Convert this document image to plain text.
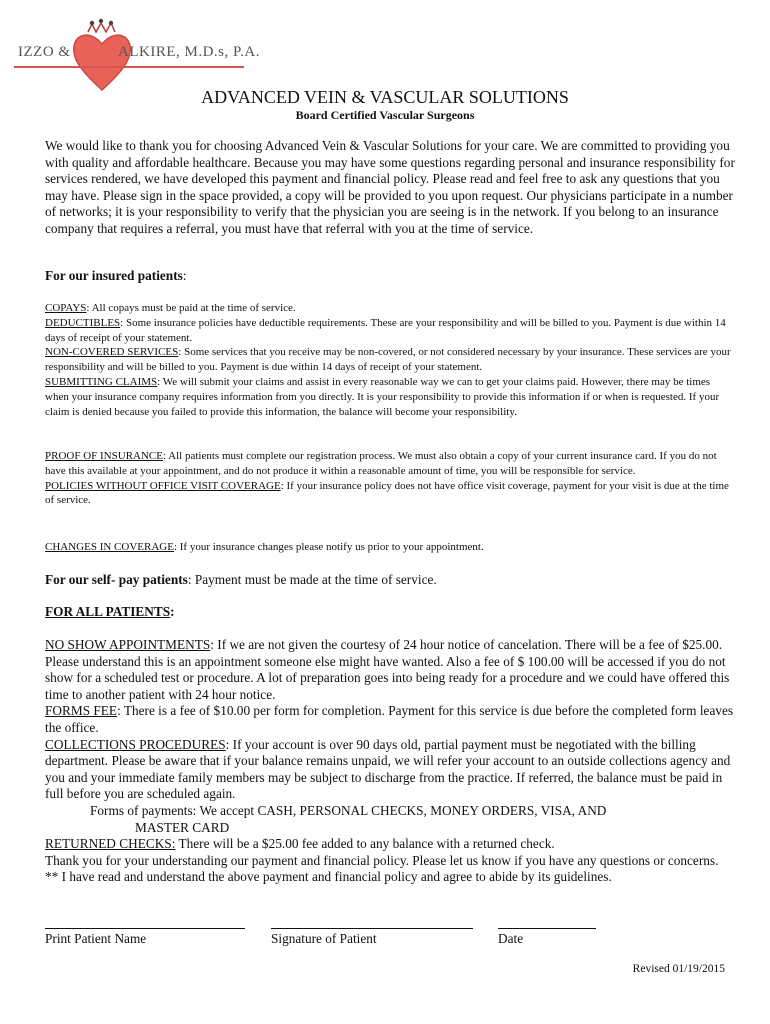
IZZO &	ALKIRE, M.D.s, P.A.
ADVANCED VEIN & VASCULAR SOLUTIONS
Board Certified Vascular Surgeons

We would like to thank you for choosing Advanced Vein & Vascular Solutions for your care. We are committed to providing you with quality and affordable healthcare. Because you may have some questions regarding personal and insurance responsibility for services rendered, we have developed this payment and financial policy. Please read and feel free to ask any questions that you may have. Please sign in the space provided, a copy will be provided to you upon request. Our physicians participate in a number of networks; it is your responsibility to verify that the physician you are seeing is in the network. If you belong to an insurance company that requires a referral, you must have that referral with you at the time of service.

For our insured patients:

COPAYS: All copays must be paid at the time of service.
DEDUCTIBLES: Some insurance policies have deductible requirements. These are your responsibility and will be billed to you. Payment is due within 14 days of receipt of your statement.
NON-COVERED SERVICES: Some services that you receive may be non-covered, or not considered necessary by your insurance. These services are your responsibility and will be billed to you. Payment is due within 14 days of receipt of your statement.
SUBMITTING CLAIMS: We will submit your claims and assist in every reasonable way we can to get your claims paid. However, there may be times when your insurance company requires information from you directly. It is your responsibility to provide this information if or when is requested. If your claim is denied because you failed to provide this information, the balance will become your responsibility.

PROOF OF INSURANCE: All patients must complete our registration process. We must also obtain a copy of your current insurance card. If you do not have this available at your appointment, and do not produce it within a reasonable amount of time, you will be responsible for service.
POLICIES WITHOUT OFFICE VISIT COVERAGE: If your insurance policy does not have office visit coverage, payment for your visit is due at the time of service.

CHANGES IN COVERAGE: If your insurance changes please notify us prior to your appointment.

For our self- pay patients: Payment must be made at the time of service.

FOR ALL PATIENTS:

NO SHOW APPOINTMENTS: If we are not given the courtesy of 24 hour notice of cancelation. There will be a fee of $25.00. Please understand this is an appointment someone else might have wanted. Also a fee of $ 100.00 will be accessed if you do not show for a scheduled test or procedure. A lot of preparation goes into being ready for a procedure and we could have offered this time to another patient with 24 hour notice.
FORMS FEE: There is a fee of $10.00 per form for completion. Payment for this service is due before the completed form leaves the office.
COLLECTIONS PROCEDURES: If your account is over 90 days old, partial payment must be negotiated with the billing department. Please be aware that if your balance remains unpaid, we will refer your account to an outside collections agency and you and your immediate family members may be subject to discharge from the practice. If referred, the balance must be paid in full before you are scheduled again.
Forms of payments: We accept CASH, PERSONAL CHECKS, MONEY ORDERS, VISA, AND
MASTER CARD
RETURNED CHECKS: There will be a $25.00 fee added to any balance with a returned check.
Thank you for your understanding our payment and financial policy. Please let us know if you have any questions or concerns.
** I have read and understand the above payment and financial policy and agree to abide by its guidelines.

Print Patient Name	Signature of Patient	Date
Revised 01/19/2015
